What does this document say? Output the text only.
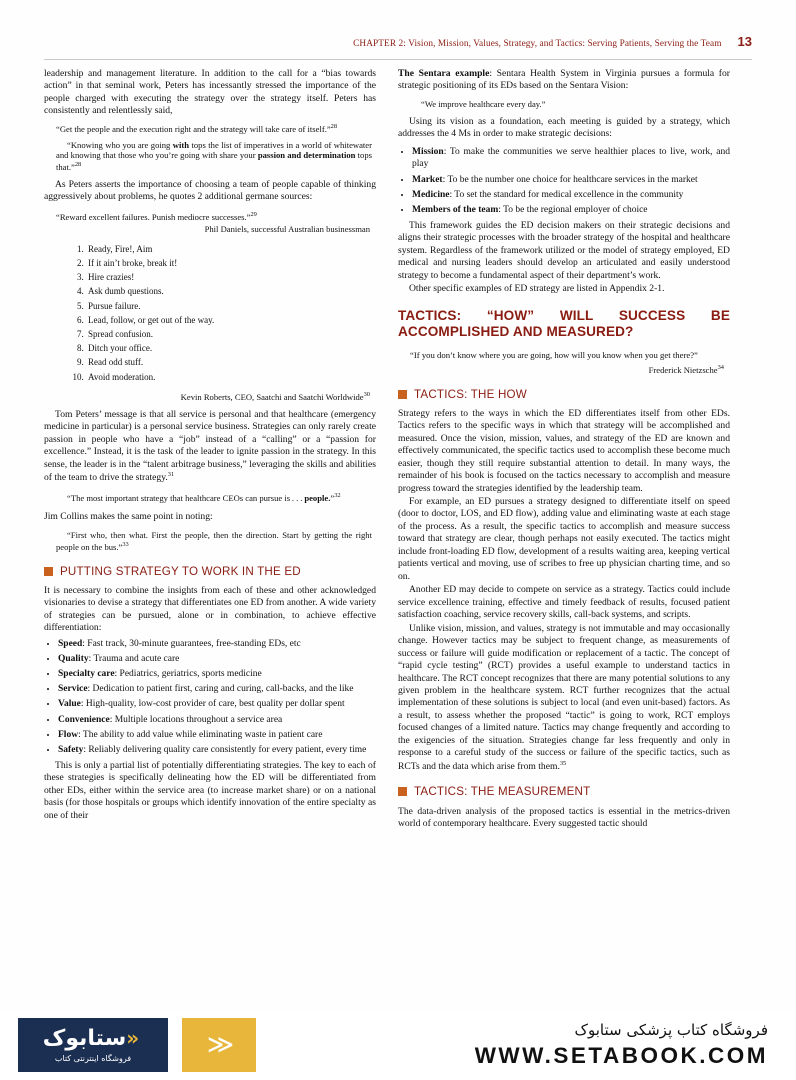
CHAPTER 2: Vision, Mission, Values, Strategy, and Tactics: Serving Patients, Serving the Team 13

leadership and management literature. In addition to the call for a “bias towards action” in that seminal work, Peters has incessantly stressed the importance of the people charged with executing the strategy over the strategy itself. Peters has consistently and relentlessly said,

“Get the people and the execution right and the strategy will take care of itself.”$^{28}$
“Knowing who you are going with tops the list of imperatives in a world of whitewater and knowing that those who you’re going with share your passion and determination tops that.”$^{28}$

As Peters asserts the importance of choosing a team of people capable of thinking aggressively about problems, he quotes 2 additional germane sources:

“Reward excellent failures. Punish mediocre successes.”$^{29}$
Phil Daniels, successful Australian businessman
1. Ready, Fire!, Aim
2. If it ain’t broke, break it!
3. Hire crazies!
4. Ask dumb questions.
5. Pursue failure.
6. Lead, follow, or get out of the way.
7. Spread confusion.
8. Ditch your office.
9. Read odd stuff.
10. Avoid moderation.
Kevin Roberts, CEO, Saatchi and Saatchi Worldwide$^{30}$

Tom Peters’ message is that all service is personal and that healthcare (emergency medicine in particular) is a personal service business. Strategies can only rarely create passion in people who have a “job” instead of a “calling” or a “passion for excellence.” Instead, it is the task of the leader to ignite passion in the strategy. In this sense, the leader is in the “talent arbitrage business,” leveraging the skills and abilities of the team to drive the strategy.$^{31}$

“The most important strategy that healthcare CEOs can pursue is . . . people.”$^{32}$

Jim Collins makes the same point in noting:

“First who, then what. First the people, then the direction. Start by getting the right people on the bus.”$^{33}$
PUTTING STRATEGY TO WORK IN THE ED

It is necessary to combine the insights from each of these and other acknowledged visionaries to devise a strategy that differentiates one ED from another. A wide variety of strategies can be pursued, alone or in combination, to achieve effective differentiation:

• Speed: Fast track, 30-minute guarantees, free-standing EDs, etc
• Quality: Trauma and acute care
• Specialty care: Pediatrics, geriatrics, sports medicine
• Service: Dedication to patient first, caring and curing, call-backs, and the like
• Value: High-quality, low-cost provider of care, best quality per dollar spent
• Convenience: Multiple locations throughout a service area
• Flow: The ability to add value while eliminating waste in patient care
• Safety: Reliably delivering quality care consistently for every patient, every time

This is only a partial list of potentially differentiating strategies. The key to each of these strategies is specifically delineating how the ED will be differentiated from other EDs, either within the service area (to increase market share) or on a national basis (for those hospitals or groups which identify innovation of the entire specialty as one of their

The Sentara example: Sentara Health System in Virginia pursues a formula for strategic positioning of its EDs based on the Sentara Vision:

“We improve healthcare every day.”

Using its vision as a foundation, each meeting is guided by a strategy, which addresses the 4 Ms in order to make strategic decisions:

• Mission: To make the communities we serve healthier places to live, work, and play
• Market: To be the number one choice for healthcare services in the market
• Medicine: To set the standard for medical excellence in the community
• Members of the team: To be the regional employer of choice

This framework guides the ED decision makers on their strategic decisions and aligns their strategic processes with the broader strategy of the hospital and healthcare system. Regardless of the framework utilized or the model of strategy employed, ED medical and nursing leaders should develop an articulated and easily understood strategy to become a fundamental aspect of their department’s work.

Other specific examples of ED strategy are listed in Appendix 2-1.

TACTICS: “HOW” WILL SUCCESS BE ACCOMPLISHED AND MEASURED?
“If you don’t know where you are going, how will you know when you get there?”
Frederick Nietzsche$^{34}$
TACTICS: THE HOW

Strategy refers to the ways in which the ED differentiates itself from other EDs. Tactics refers to the specific ways in which that strategy will be accomplished and measured. Once the vision, mission, values, and strategy of the ED are known and effectively communicated, the specific tactics used to accomplish these become much easier, though they still require substantial attention to detail. In many ways, the remainder of his book is focused on the tactics necessary to accomplish and measure progress toward the strategies identified by the leadership team.

For example, an ED pursues a strategy designed to differentiate itself on speed (door to doctor, LOS, and ED flow), adding value and eliminating waste at each stage of the process. As a result, the specific tactics to accomplish and measure success toward that strategy are clear, though perhaps not easily executed. The tactics might include front-loading ED flow, development of a results waiting area, keeping vertical patients vertical and moving, use of scribes to free up physician charting time, and so on.

Another ED may decide to compete on service as a strategy. Tactics could include service excellence training, effective and timely feedback of results, focused patient satisfaction coaching, service recovery skills, call-back systems, and scripts.

Unlike vision, mission, and values, strategy is not immutable and may occasionally change. However tactics may be subject to frequent change, as measurements of success or failure will guide modification or replacement of a tactic. The concept of “rapid cycle testing” (RCT) provides a useful example to understand tactics in healthcare. The RCT concept recognizes that there are many potential solutions to any given problem in the healthcare system. RCT further recognizes that the actual implementation of these solutions is subject to local (and even unit-based) factors. As a result, to assess whether the proposed “tactic” is going to work, RCT employs focused changes of a limited nature. Tactics may change frequently and according to the exigencies of the situation. Strategies change far less frequently and only in response to a careful study of the success or failure of the specific tactics, such as RCTs and the data which arise from them.$^{35}$

TACTICS: THE MEASUREMENT

The data-driven analysis of the proposed tactics is essential in the metrics-driven world of contemporary healthcare. Every suggested tactic should

«ستابوک
فروشگاه اینترنتی کتاب	≫	فروشگاه کتاب پزشکی ستابوک
WWW.SETABOOK.COM
